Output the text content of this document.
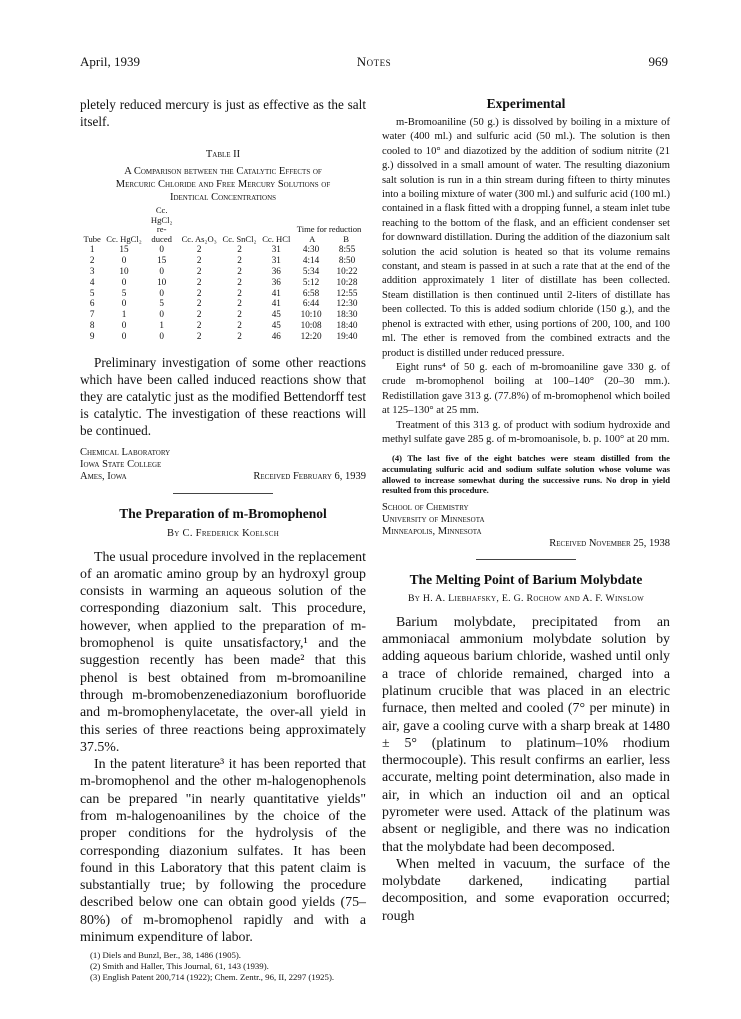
April, 1939	Notes	969

pletely reduced mercury is just as effective as the salt itself.

Table II
A Comparison between the Catalytic Effects of
Mercuric Chloride and Free Mercury Solutions of
Identical Concentrations
Tube	Cc. HgCl₂	Cc. HgCl₂ re- duced	Cc. As₂O₃	Cc. SnCl₂	Cc. HCl	Time for reduction
A B	

1	15	0	2	2	31	4:30	8:55
2	0	15	2	2	31	4:14	8:50
3	10	0	2	2	36	5:34	10:22
4	0	10	2	2	36	5:12	10:28
5	5	0	2	2	41	6:58	12:55
6	0	5	2	2	41	6:44	12:30
7	1	0	2	2	45	10:10	18:30
8	0	1	2	2	45	10:08	18:40
9	0	0	2	2	46	12:20	19:40

Preliminary investigation of some other reactions which have been called induced reactions show that they are catalytic just as the modified Bettendorff test is catalytic. The investigation of these reactions will be continued.

Chemical Laboratory
Iowa State College
Ames, Iowa	Received February 6, 1939
The Preparation of m-Bromophenol
By C. Frederick Koelsch

The usual procedure involved in the replacement of an aromatic amino group by an hydroxyl group consists in warming an aqueous solution of the corresponding diazonium salt. This procedure, however, when applied to the preparation of m-bromophenol is quite unsatisfactory,¹ and the suggestion recently has been made² that this phenol is best obtained from m-bromoaniline through m-bromobenzenediazonium borofluoride and m-bromophenylacetate, the over-all yield in this series of three reactions being approximately 37.5%.

In the patent literature³ it has been reported that m-bromophenol and the other m-halogenophenols can be prepared "in nearly quantitative yields" from m-halogenoanilines by the choice of the proper conditions for the hydrolysis of the corresponding diazonium sulfates. It has been found in this Laboratory that this patent claim is substantially true; by following the procedure described below one can obtain good yields (75–80%) of m-bromophenol rapidly and with a minimum expenditure of labor.

(1) Diels and Bunzl, Ber., 38, 1486 (1905).
(2) Smith and Haller, This Journal, 61, 143 (1939).
(3) English Patent 200,714 (1922); Chem. Zentr., 96, II, 2297 (1925).
Experimental

m-Bromoaniline (50 g.) is dissolved by boiling in a mixture of water (400 ml.) and sulfuric acid (50 ml.). The solution is then cooled to 10° and diazotized by the addition of sodium nitrite (21 g.) dissolved in a small amount of water. The resulting diazonium salt solution is run in a thin stream during fifteen to thirty minutes into a boiling mixture of water (300 ml.) and sulfuric acid (100 ml.) contained in a flask fitted with a dropping funnel, a steam inlet tube reaching to the bottom of the flask, and an efficient condenser set for downward distillation. During the addition of the diazonium salt solution the acid solution is heated so that its volume remains constant, and steam is passed in at such a rate that at the end of the addition approximately 1 liter of distillate has been collected. Steam distillation is then continued until 2-liters of distillate has been collected. To this is added sodium chloride (150 g.), and the phenol is extracted with ether, using portions of 200, 100, and 100 ml. The ether is removed from the combined extracts and the product is distilled under reduced pressure.

Eight runs⁴ of 50 g. each of m-bromoaniline gave 330 g. of crude m-bromophenol boiling at 100–140° (20–30 mm.). Redistillation gave 313 g. (77.8%) of m-bromophenol which boiled at 125–130° at 25 mm.

Treatment of this 313 g. of product with sodium hydroxide and methyl sulfate gave 285 g. of m-bromoanisole, b. p. 100° at 20 mm.

(4) The last five of the eight batches were steam distilled from the accumulating sulfuric acid and sodium sulfate solution whose volume was allowed to increase somewhat during the successive runs. No drop in yield resulted from this procedure.

School of Chemistry
University of Minnesota
Minneapolis, Minnesota
Received November 25, 1938
The Melting Point of Barium Molybdate
By H. A. Liebhafsky, E. G. Rochow and A. F. Winslow

Barium molybdate, precipitated from an ammoniacal ammonium molybdate solution by adding aqueous barium chloride, washed until only a trace of chloride remained, charged into a platinum crucible that was placed in an electric furnace, then melted and cooled (7° per minute) in air, gave a cooling curve with a sharp break at 1480 ± 5° (platinum to platinum–10% rhodium thermocouple). This result confirms an earlier, less accurate, melting point determination, also made in air, in which an induction oil and an optical pyrometer were used. Attack of the platinum was absent or negligible, and there was no indication that the molybdate had been decomposed.

When melted in vacuum, the surface of the molybdate darkened, indicating partial decomposition, and some evaporation occurred; rough
